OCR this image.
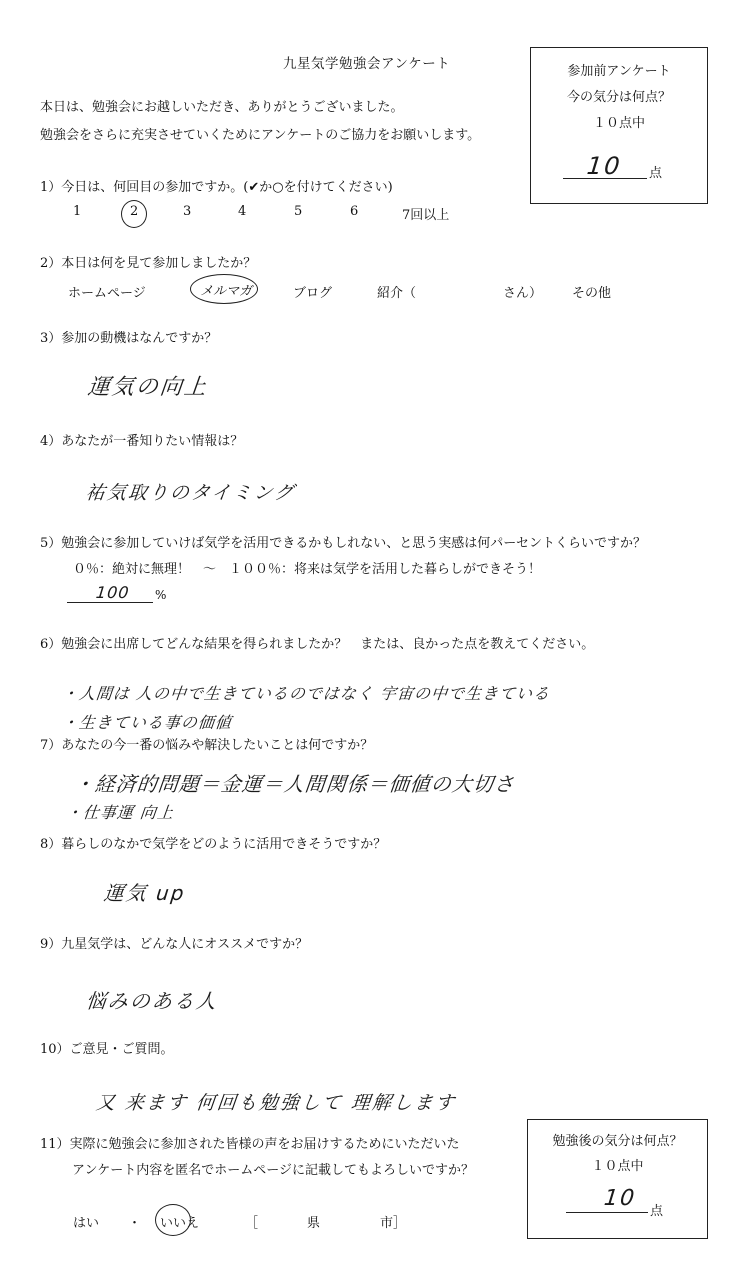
九星気学勉強会アンケート	参加前アンケート
今の気分は何点？
１０点中
10 点
本日は、勉強会にお越しいただき、ありがとうございました。
勉強会をさらに充実させていくためにアンケートのご協力をお願いします。
1）今日は、何回目の参加ですか。(✔か○を付けてください)
1	2	3	4	5	6	7回以上
2）本日は何を見て参加しましたか？
ホームページ	メルマガ	ブログ	紹介（	さん） その他
3）参加の動機はなんですか？
運気の向上
4）あなたが一番知りたい情報は？
祐気取りのタイミング
5）勉強会に参加していけば気学を活用できるかもしれない、と思う実感は何パーセントくらいですか？
０％：絶対に無理！　～　１００％：将来は気学を活用した暮らしができそう！
100 %
6）勉強会に出席してどんな結果を得られましたか？　または、良かった点を教えてください。
・人間は 人の中で生きているのではなく 宇宙の中で生きている
・生きている事の価値
7）あなたの今一番の悩みや解決したいことは何ですか？
・経済的問題＝金運＝人間関係＝価値の大切さ
・仕事運 向上
8）暮らしのなかで気学をどのように活用できそうですか？
運気 up
9）九星気学は、どんな人にオススメですか？
悩みのある人
10）ご意見・ご質問。
又 来ます 何回も勉強して 理解します
11）実際に勉強会に参加された皆様の声をお届けするためにいただいた
アンケート内容を匿名でホームページに記載してもよろしいですか？
はい ・ いいえ	［	県	市］
勉強後の気分は何点？
１０点中
10
点
